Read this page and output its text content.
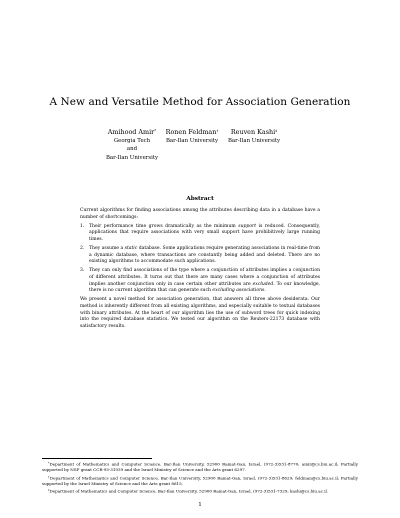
A New and Versatile Method for Association Generation
Amihood Amir*
Georgia Tech
and
Bar-Ilan University
Ronen Feldman†
Bar-Ilan University
Reuven Kashi‡
Bar-Ilan University
Abstract

Current algorithms for finding associations among the attributes describing data in a database have a number of shortcomings:

1. Their performance time grows dramatically as the minimum support is reduced. Consequently, applications that require associations with very small support have prohibitively large running times.
2. They assume a static database. Some applications require generating associations in real-time from a dynamic database, where transactions are constantly being added and deleted. There are no existing algorithms to accommodate such applications.
3. They can only find associations of the type where a conjunction of attributes implies a conjunction of different attributes. It turns out that there are many cases where a conjunction of attributes implies another conjunction only in case certain other attributes are excluded. To our knowledge, there is no current algorithm that can generate such excluding associations.

We present a novel method for association generation, that answers all three above desiderata. Our method is inherently different from all existing algorithms, and especially suitable to textual databases with binary attributes. At the heart of our algorithm lies the use of subword trees for quick indexing into the required database statistics. We tested our algorithm on the Reuters-22173 database with satisfactory results.

*Department of Mathematics and Computer Science, Bar-Ilan University, 52900 Ramat-Gan, Israel, (972-3)531-8770; amir@cs.biu.ac.il; Partially supported by NSF grant CCR-95-31939 and the Israel Ministry of Science and the Arts grant 6297.

†Department of Mathematics and Computer Science, Bar-Ilan University, 52900 Ramat-Gan, Israel, (972-3)531-8629; feldman@cs.biu.ac.il; Partially supported by the Israel Ministry of Science and the Arts grant 8615.

‡Department of Mathematics and Computer Science, Bar-Ilan University, 52900 Ramat-Gan, Israel, (972-3)531-7329; kashi@cs.biu.ac.il.

1
